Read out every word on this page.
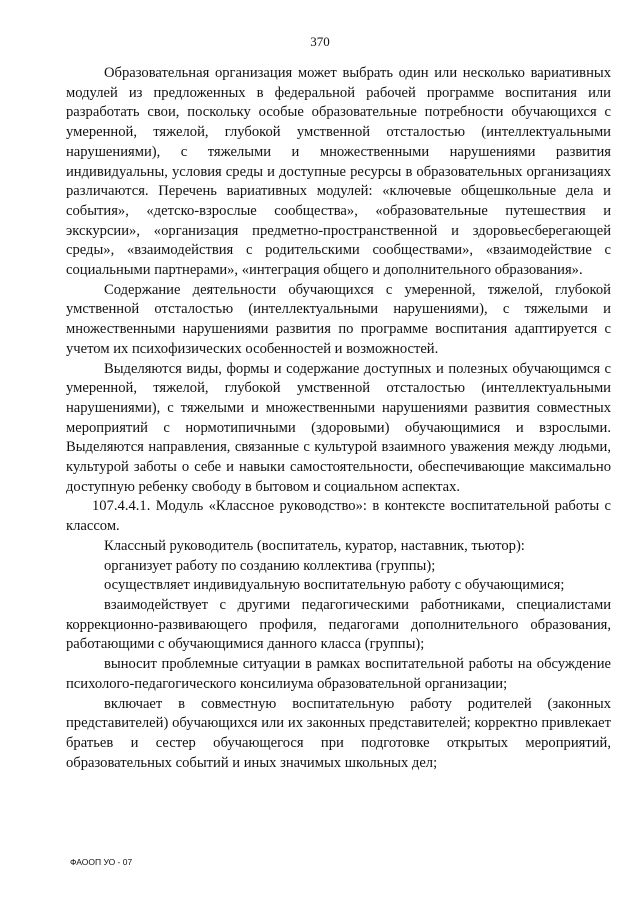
370

Образовательная организация может выбрать один или несколько вариативных модулей из предложенных в федеральной рабочей программе воспитания или разработать свои, поскольку особые образовательные потребности обучающихся с умеренной, тяжелой, глубокой умственной отсталостью (интеллектуальными нарушениями), с тяжелыми и множественными нарушениями развития индивидуальны, условия среды и доступные ресурсы в образовательных организациях различаются. Перечень вариативных модулей: «ключевые общешкольные дела и события», «детско-взрослые сообщества», «образовательные путешествия и экскурсии», «организация предметно-пространственной и здоровьесберегающей среды», «взаимодействия с родительскими сообществами», «взаимодействие с социальными партнерами», «интеграция общего и дополнительного образования».

Содержание деятельности обучающихся с умеренной, тяжелой, глубокой умственной отсталостью (интеллектуальными нарушениями), с тяжелыми и множественными нарушениями развития по программе воспитания адаптируется с учетом их психофизических особенностей и возможностей.

Выделяются виды, формы и содержание доступных и полезных обучающимся с умеренной, тяжелой, глубокой умственной отсталостью (интеллектуальными нарушениями), с тяжелыми и множественными нарушениями развития совместных мероприятий с нормотипичными (здоровыми) обучающимися и взрослыми. Выделяются направления, связанные с культурой взаимного уважения между людьми, культурой заботы о себе и навыки самостоятельности, обеспечивающие максимально доступную ребенку свободу в бытовом и социальном аспектах.

107.4.4.1. Модуль «Классное руководство»: в контексте воспитательной работы с классом.

Классный руководитель (воспитатель, куратор, наставник, тьютор):

организует работу по созданию коллектива (группы);

осуществляет индивидуальную воспитательную работу с обучающимися;

взаимодействует с другими педагогическими работниками, специалистами коррекционно-развивающего профиля, педагогами дополнительного образования, работающими с обучающимися данного класса (группы);

выносит проблемные ситуации в рамках воспитательной работы на обсуждение психолого-педагогического консилиума образовательной организации;

включает в совместную воспитательную работу родителей (законных представителей) обучающихся или их законных представителей; корректно привлекает братьев и сестер обучающегося при подготовке открытых мероприятий, образовательных событий и иных значимых школьных дел;

ФАООП УО - 07
